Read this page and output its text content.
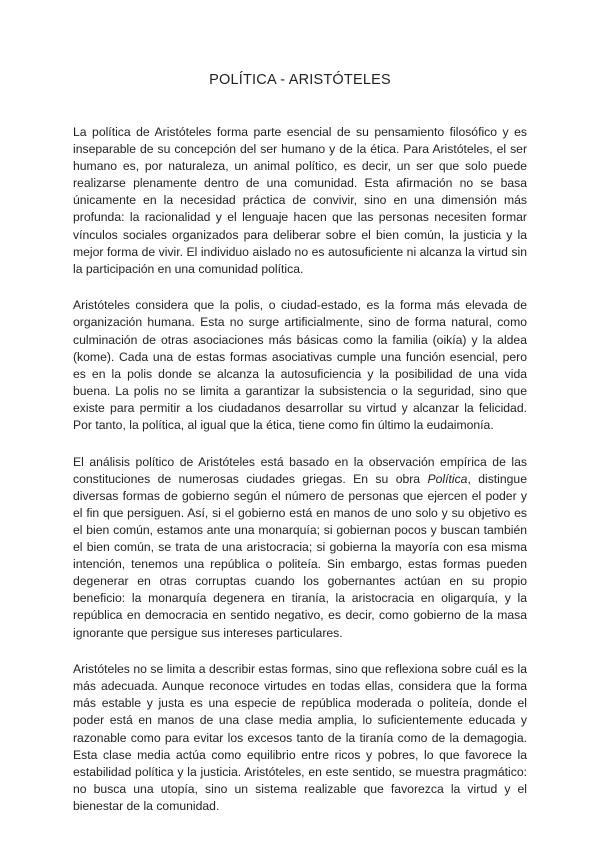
POLÍTICA - ARISTÓTELES

La política de Aristóteles forma parte esencial de su pensamiento filosófico y es inseparable de su concepción del ser humano y de la ética. Para Aristóteles, el ser humano es, por naturaleza, un animal político, es decir, un ser que solo puede realizarse plenamente dentro de una comunidad. Esta afirmación no se basa únicamente en la necesidad práctica de convivir, sino en una dimensión más profunda: la racionalidad y el lenguaje hacen que las personas necesiten formar vínculos sociales organizados para deliberar sobre el bien común, la justicia y la mejor forma de vivir. El individuo aislado no es autosuficiente ni alcanza la virtud sin la participación en una comunidad política.

Aristóteles considera que la polis, o ciudad-estado, es la forma más elevada de organización humana. Esta no surge artificialmente, sino de forma natural, como culminación de otras asociaciones más básicas como la familia (oikía) y la aldea (kome). Cada una de estas formas asociativas cumple una función esencial, pero es en la polis donde se alcanza la autosuficiencia y la posibilidad de una vida buena. La polis no se limita a garantizar la subsistencia o la seguridad, sino que existe para permitir a los ciudadanos desarrollar su virtud y alcanzar la felicidad. Por tanto, la política, al igual que la ética, tiene como fin último la eudaimonía.

El análisis político de Aristóteles está basado en la observación empírica de las constituciones de numerosas ciudades griegas. En su obra Política, distingue diversas formas de gobierno según el número de personas que ejercen el poder y el fin que persiguen. Así, si el gobierno está en manos de uno solo y su objetivo es el bien común, estamos ante una monarquía; si gobiernan pocos y buscan también el bien común, se trata de una aristocracia; si gobierna la mayoría con esa misma intención, tenemos una república o politeía. Sin embargo, estas formas pueden degenerar en otras corruptas cuando los gobernantes actúan en su propio beneficio: la monarquía degenera en tiranía, la aristocracia en oligarquía, y la república en democracia en sentido negativo, es decir, como gobierno de la masa ignorante que persigue sus intereses particulares.

Aristóteles no se limita a describir estas formas, sino que reflexiona sobre cuál es la más adecuada. Aunque reconoce virtudes en todas ellas, considera que la forma más estable y justa es una especie de república moderada o politeía, donde el poder está en manos de una clase media amplia, lo suficientemente educada y razonable como para evitar los excesos tanto de la tiranía como de la demagogia. Esta clase media actúa como equilibrio entre ricos y pobres, lo que favorece la estabilidad política y la justicia. Aristóteles, en este sentido, se muestra pragmático: no busca una utopía, sino un sistema realizable que favorezca la virtud y el bienestar de la comunidad.
